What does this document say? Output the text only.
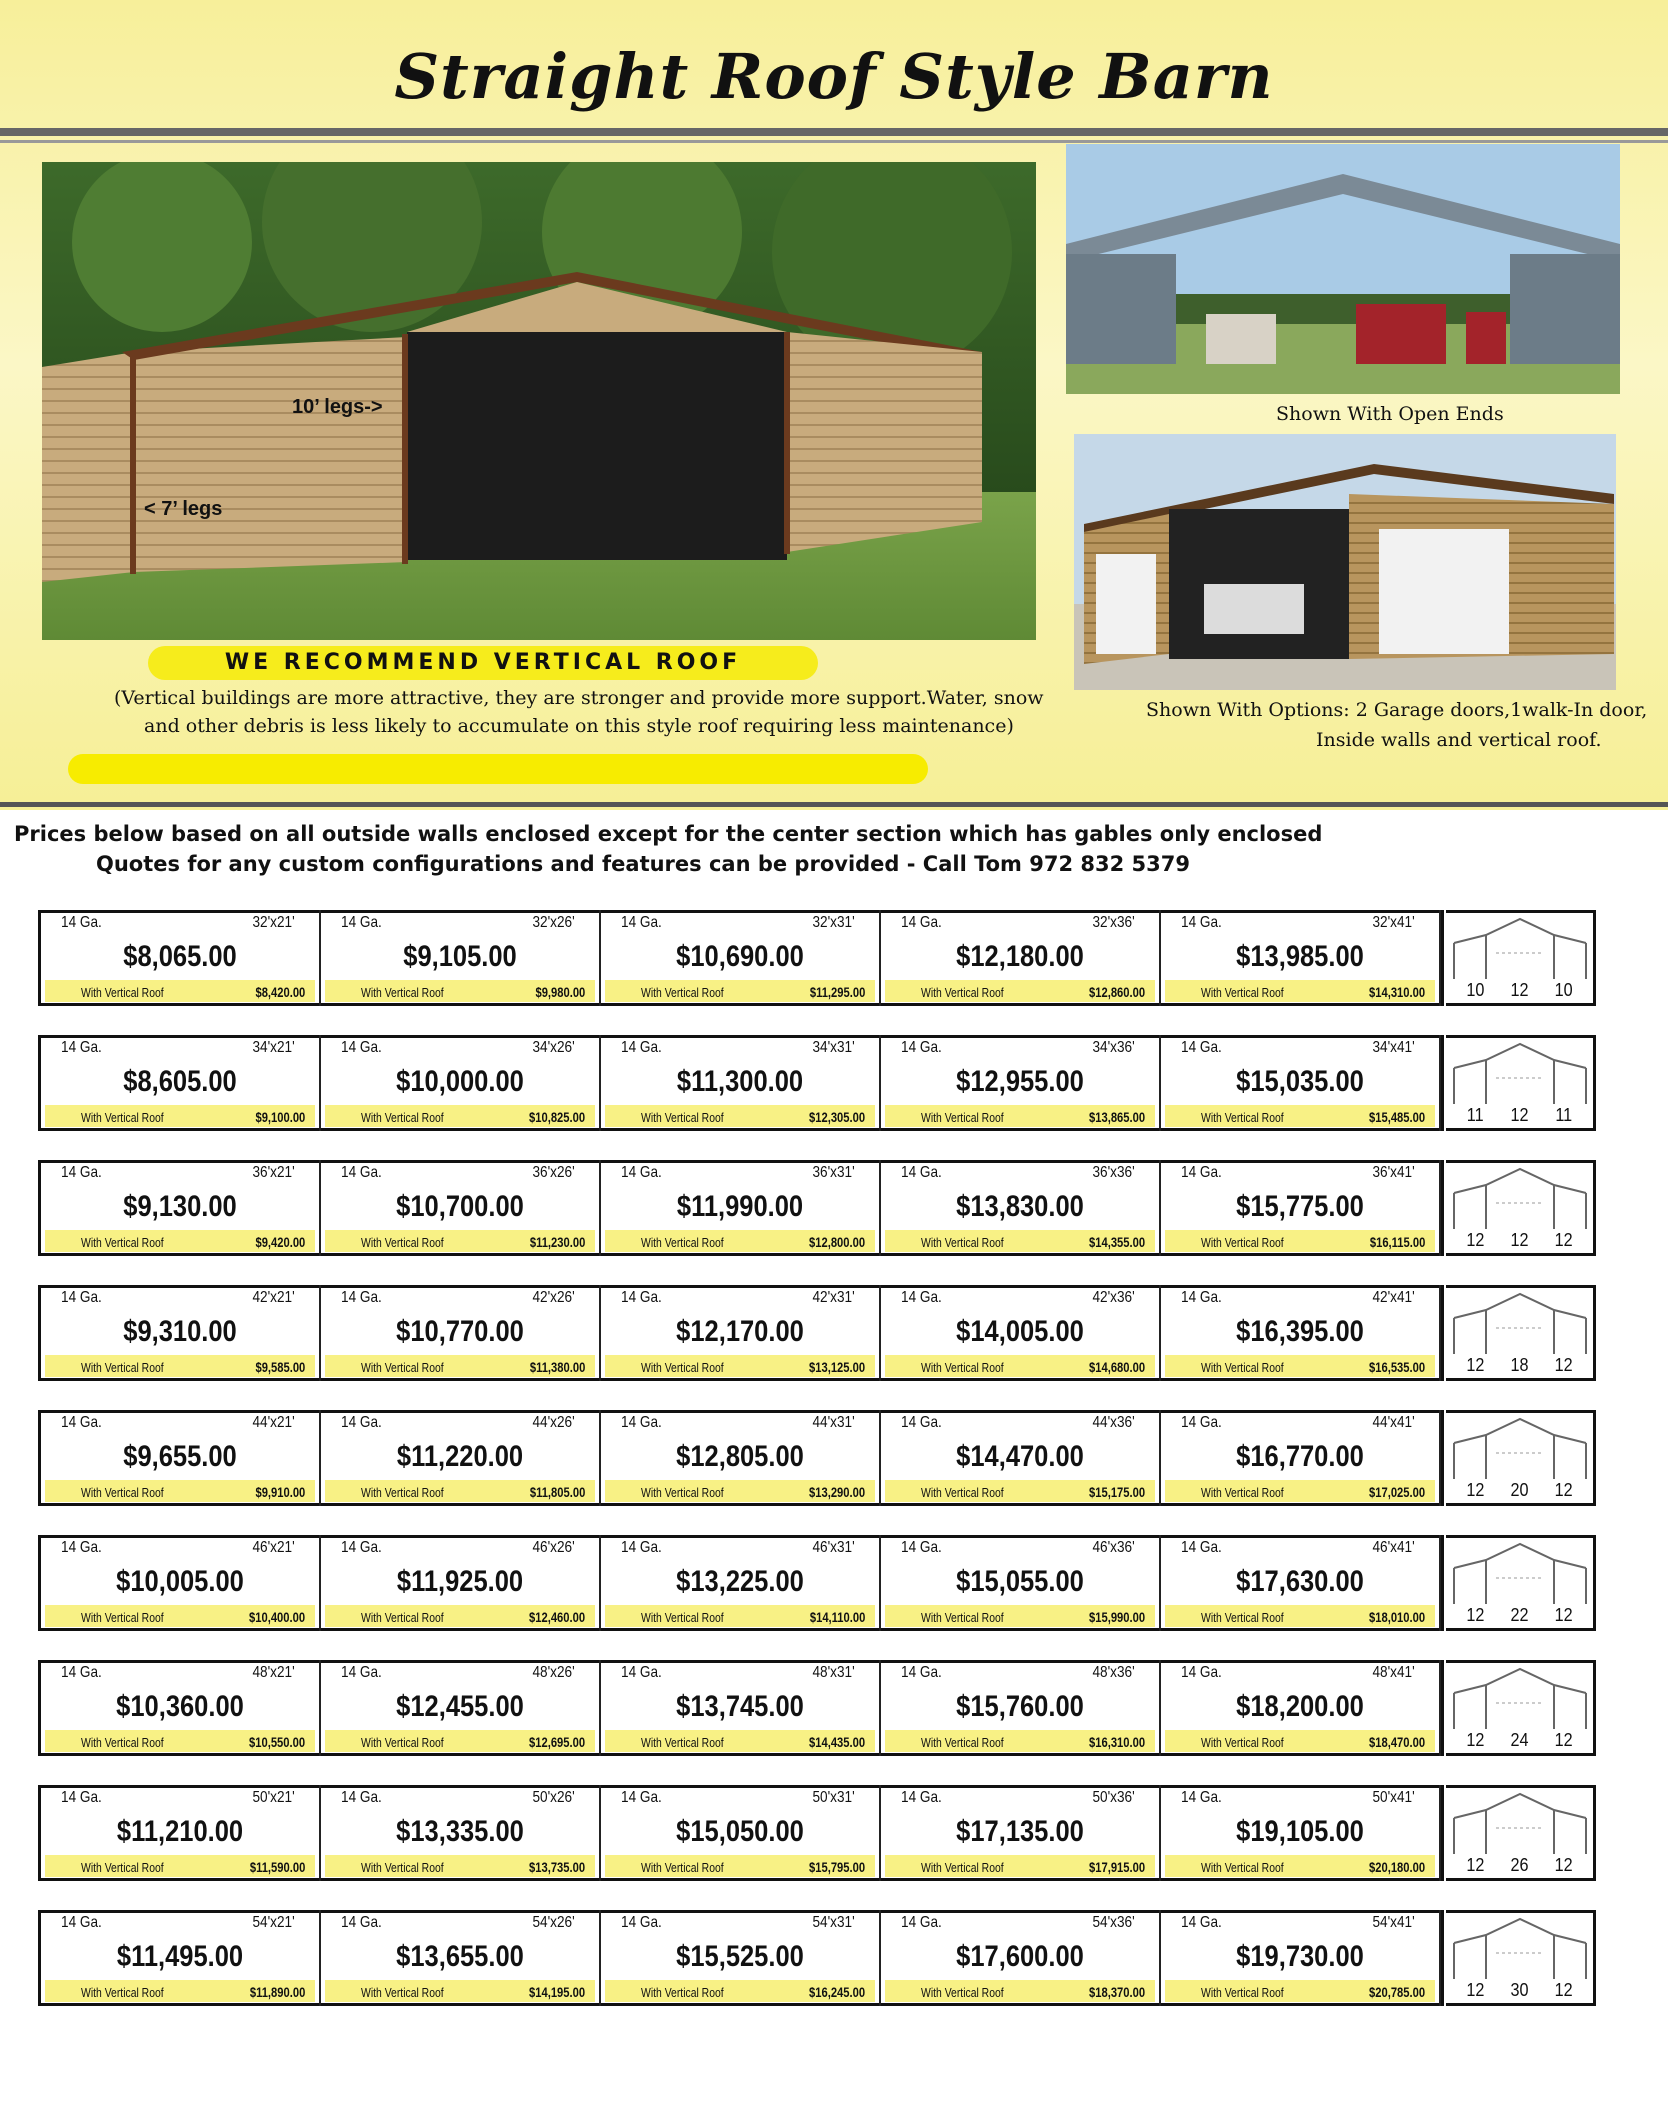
Straight Roof Style Barn
10’ legs->
< 7’ legs
Shown With Open Ends
Shown With Options: 2 Garage doors,1walk-In door,
Inside walls and vertical roof.
WE RECOMMEND VERTICAL ROOF
(Vertical buildings are more attractive, they are stronger and provide more support.Water, snow
and other debris is less likely to accumulate on this style roof requiring less maintenance)
Prices below based on all outside walls enclosed except for the center section which has gables only enclosed
Quotes for any custom configurations and features can be provided - Call Tom 972 832 5379
14 Ga.	32'x21'
$8,065.00
With Vertical Roof	$8,420.00
14 Ga.	32'x26'
$9,105.00
With Vertical Roof	$9,980.00
14 Ga.	32'x31'
$10,690.00
With Vertical Roof	$11,295.00
14 Ga.	32'x36'
$12,180.00
With Vertical Roof	$12,860.00
14 Ga.	32'x41'
$13,985.00
With Vertical Roof	$14,310.00 10 12 10
14 Ga.	34'x21'
$8,605.00
With Vertical Roof	$9,100.00
14 Ga.	34'x26'
$10,000.00
With Vertical Roof	$10,825.00
14 Ga.	34'x31'
$11,300.00
With Vertical Roof	$12,305.00
14 Ga.	34'x36'
$12,955.00
With Vertical Roof	$13,865.00
14 Ga.	34'x41'
$15,035.00
With Vertical Roof	$15,485.00 11 12 11
14 Ga.	36'x21'
$9,130.00
With Vertical Roof	$9,420.00
14 Ga.	36'x26'
$10,700.00
With Vertical Roof	$11,230.00
14 Ga.	36'x31'
$11,990.00
With Vertical Roof	$12,800.00
14 Ga.	36'x36'
$13,830.00
With Vertical Roof	$14,355.00
14 Ga.	36'x41'
$15,775.00
With Vertical Roof	$16,115.00 12 12 12
14 Ga.	42'x21'
$9,310.00
With Vertical Roof	$9,585.00
14 Ga.	42'x26'
$10,770.00
With Vertical Roof	$11,380.00
14 Ga.	42'x31'
$12,170.00
With Vertical Roof	$13,125.00
14 Ga.	42'x36'
$14,005.00
With Vertical Roof	$14,680.00
14 Ga.	42'x41'
$16,395.00
With Vertical Roof	$16,535.00 12 18 12
14 Ga.	44'x21'
$9,655.00
With Vertical Roof	$9,910.00
14 Ga.	44'x26'
$11,220.00
With Vertical Roof	$11,805.00
14 Ga.	44'x31'
$12,805.00
With Vertical Roof	$13,290.00
14 Ga.	44'x36'
$14,470.00
With Vertical Roof	$15,175.00
14 Ga.	44'x41'
$16,770.00
With Vertical Roof	$17,025.00 12 20 12
14 Ga.	46'x21'
$10,005.00
With Vertical Roof	$10,400.00
14 Ga.	46'x26'
$11,925.00
With Vertical Roof	$12,460.00
14 Ga.	46'x31'
$13,225.00
With Vertical Roof	$14,110.00
14 Ga.	46'x36'
$15,055.00
With Vertical Roof	$15,990.00
14 Ga.	46'x41'
$17,630.00
With Vertical Roof	$18,010.00 12 22 12
14 Ga.	48'x21'
$10,360.00
With Vertical Roof	$10,550.00
14 Ga.	48'x26'
$12,455.00
With Vertical Roof	$12,695.00
14 Ga.	48'x31'
$13,745.00
With Vertical Roof	$14,435.00
14 Ga.	48'x36'
$15,760.00
With Vertical Roof	$16,310.00
14 Ga.	48'x41'
$18,200.00
With Vertical Roof	$18,470.00 12 24 12
14 Ga.	50'x21'
$11,210.00
With Vertical Roof	$11,590.00
14 Ga.	50'x26'
$13,335.00
With Vertical Roof	$13,735.00
14 Ga.	50'x31'
$15,050.00
With Vertical Roof	$15,795.00
14 Ga.	50'x36'
$17,135.00
With Vertical Roof	$17,915.00
14 Ga.	50'x41'
$19,105.00
With Vertical Roof	$20,180.00 12 26 12
14 Ga.	54'x21'
$11,495.00
With Vertical Roof	$11,890.00
14 Ga.	54'x26'
$13,655.00
With Vertical Roof	$14,195.00
14 Ga.	54'x31'
$15,525.00
With Vertical Roof	$16,245.00
14 Ga.	54'x36'
$17,600.00
With Vertical Roof	$18,370.00
14 Ga.	54'x41'
$19,730.00
With Vertical Roof	$20,785.00 12 30 12
